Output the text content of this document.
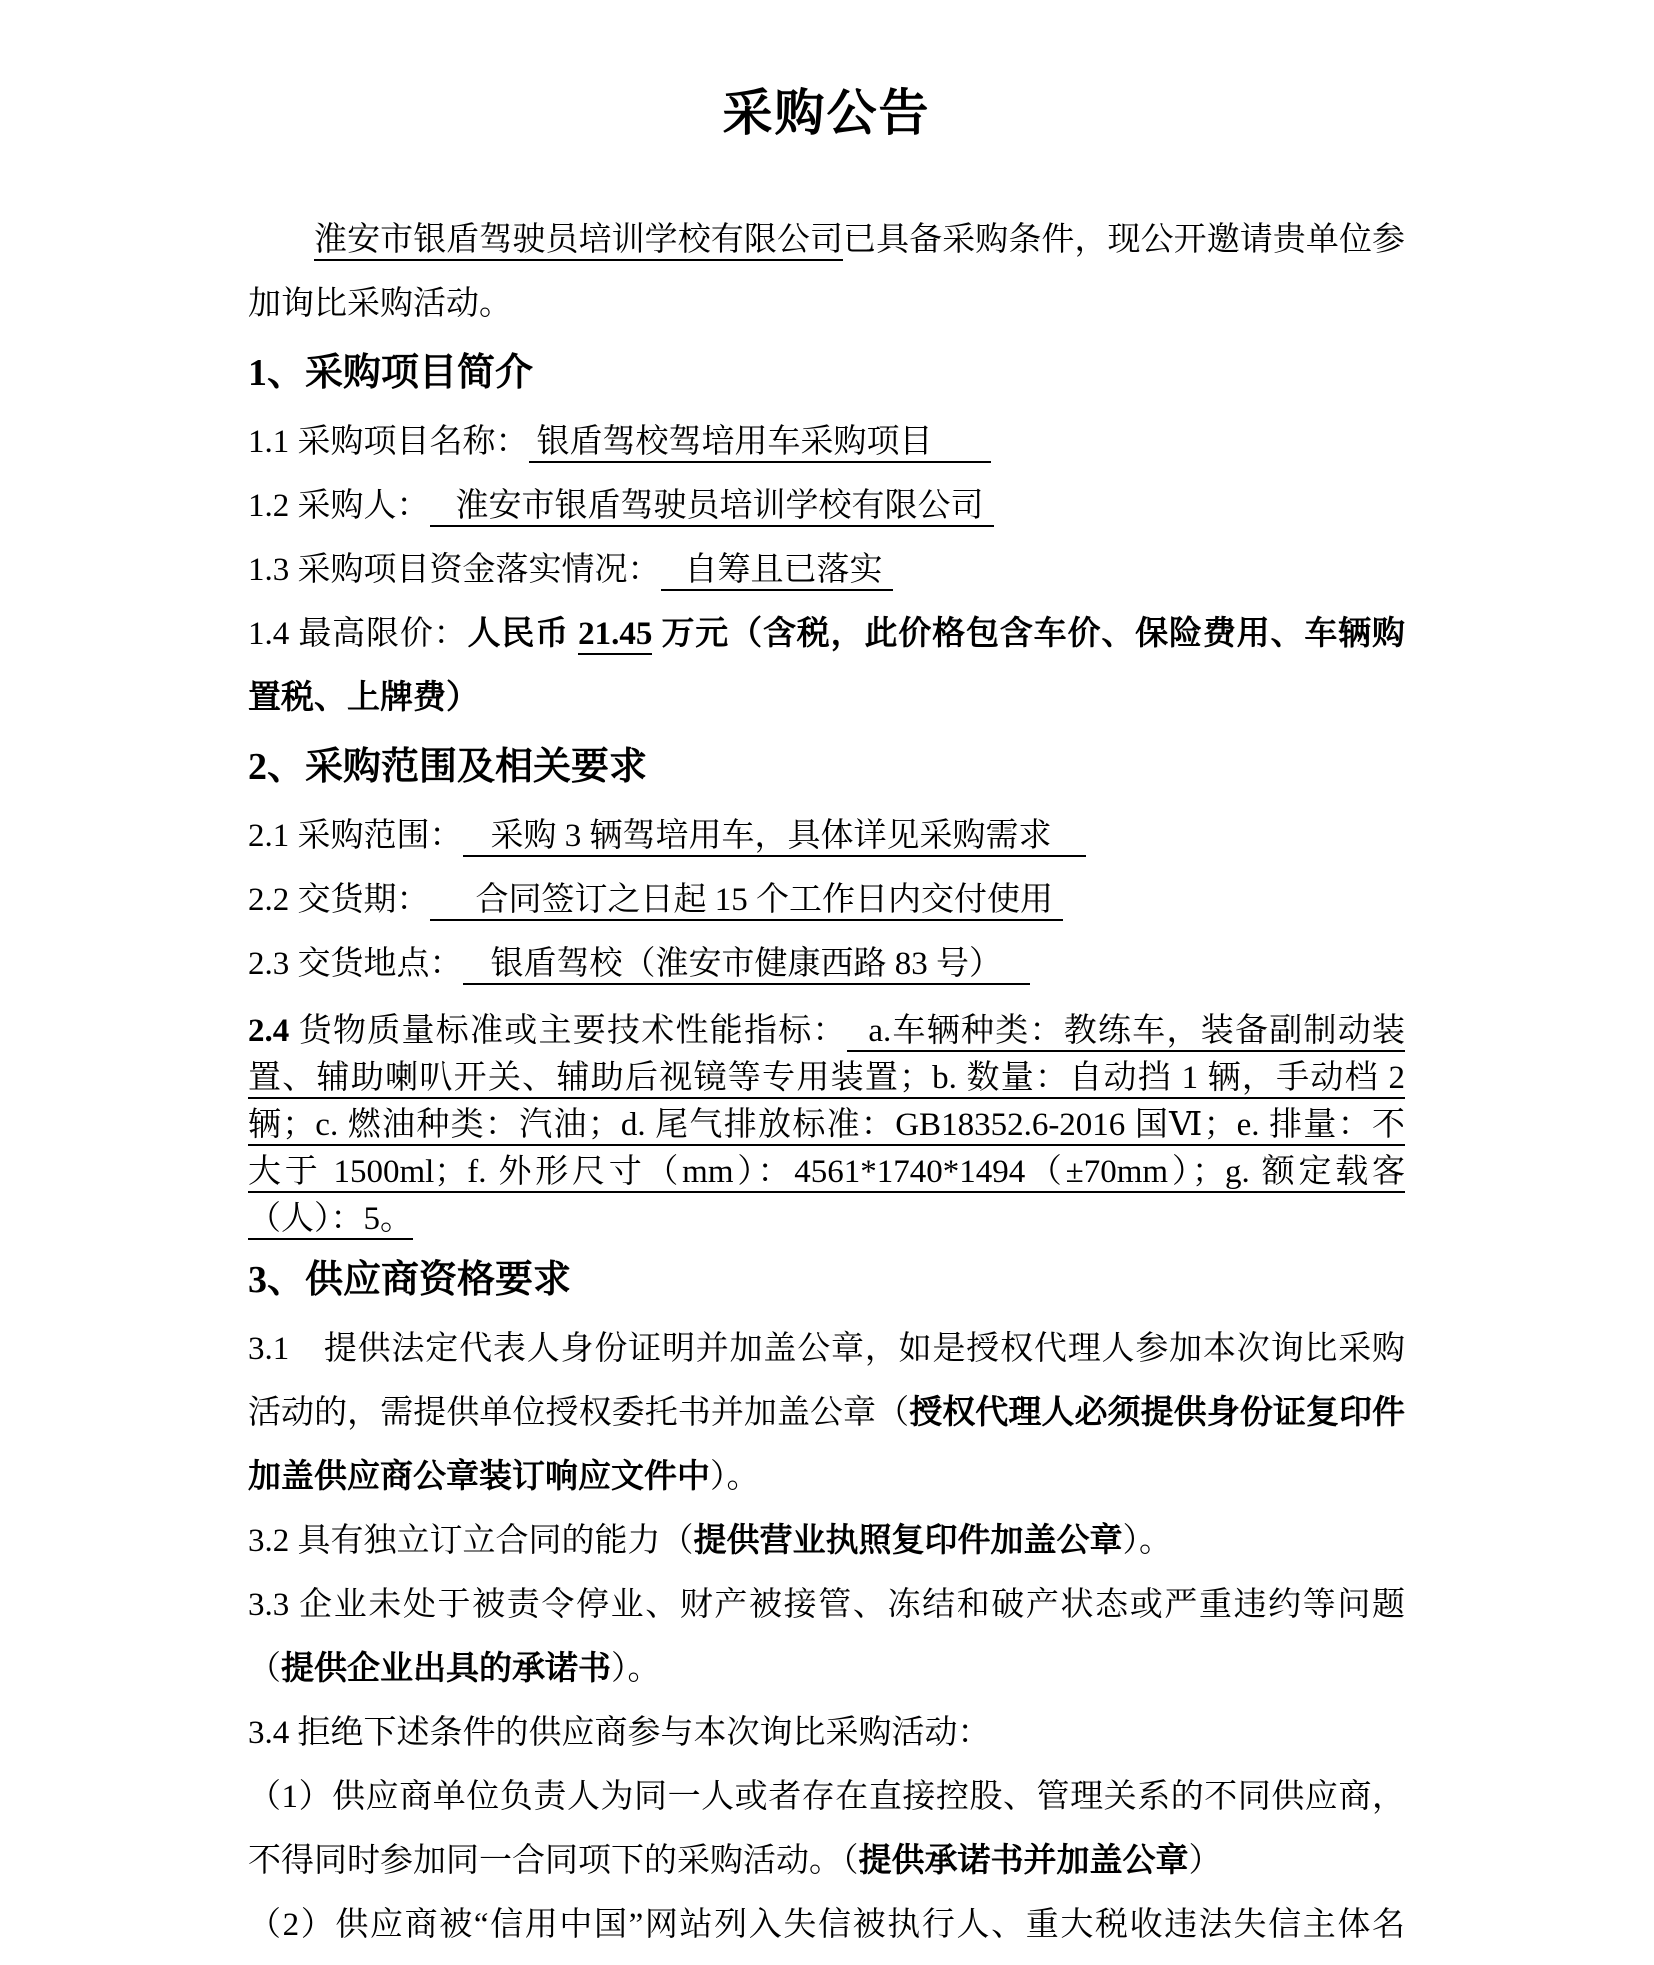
采购公告

淮安市银盾驾驶员培训学校有限公司已具备采购条件，现公开邀请贵单位参加询比采购活动。

1、采购项目简介

1.1 采购项目名称： 银盾驾校驾培用车采购项目

1.2 采购人： 淮安市银盾驾驶员培训学校有限公司

1.3 采购项目资金落实情况： 自筹且已落实

1.4 最高限价：人民币 21.45 万元（含税，此价格包含车价、保险费用、车辆购置税、上牌费）

2、采购范围及相关要求

2.1 采购范围： 采购 3 辆驾培用车，具体详见采购需求

2.2 交货期： 合同签订之日起 15 个工作日内交付使用

2.3 交货地点： 银盾驾校（淮安市健康西路 83 号）

2.4 货物质量标准或主要技术性能指标： a.车辆种类：教练车，装备副制动装置、辅助喇叭开关、辅助后视镜等专用装置；b. 数量：自动挡 1 辆，手动档 2 辆；c. 燃油种类：汽油；d. 尾气排放标准：GB18352.6-2016 国Ⅵ；e. 排量：不大于 1500ml；f. 外形尺寸（mm）：4561*1740*1494（±70mm）；g. 额定载客（人）：5。

3、供应商资格要求

3.1　提供法定代表人身份证明并加盖公章，如是授权代理人参加本次询比采购活动的，需提供单位授权委托书并加盖公章（授权代理人必须提供身份证复印件加盖供应商公章装订响应文件中）。

3.2 具有独立订立合同的能力（提供营业执照复印件加盖公章）。

3.3 企业未处于被责令停业、财产被接管、冻结和破产状态或严重违约等问题（提供企业出具的承诺书）。

3.4 拒绝下述条件的供应商参与本次询比采购活动：

（1）供应商单位负责人为同一人或者存在直接控股、管理关系的不同供应商，不得同时参加同一合同项下的采购活动。（提供承诺书并加盖公章）

（2）供应商被“信用中国”网站列入失信被执行人、重大税收违法失信主体名
